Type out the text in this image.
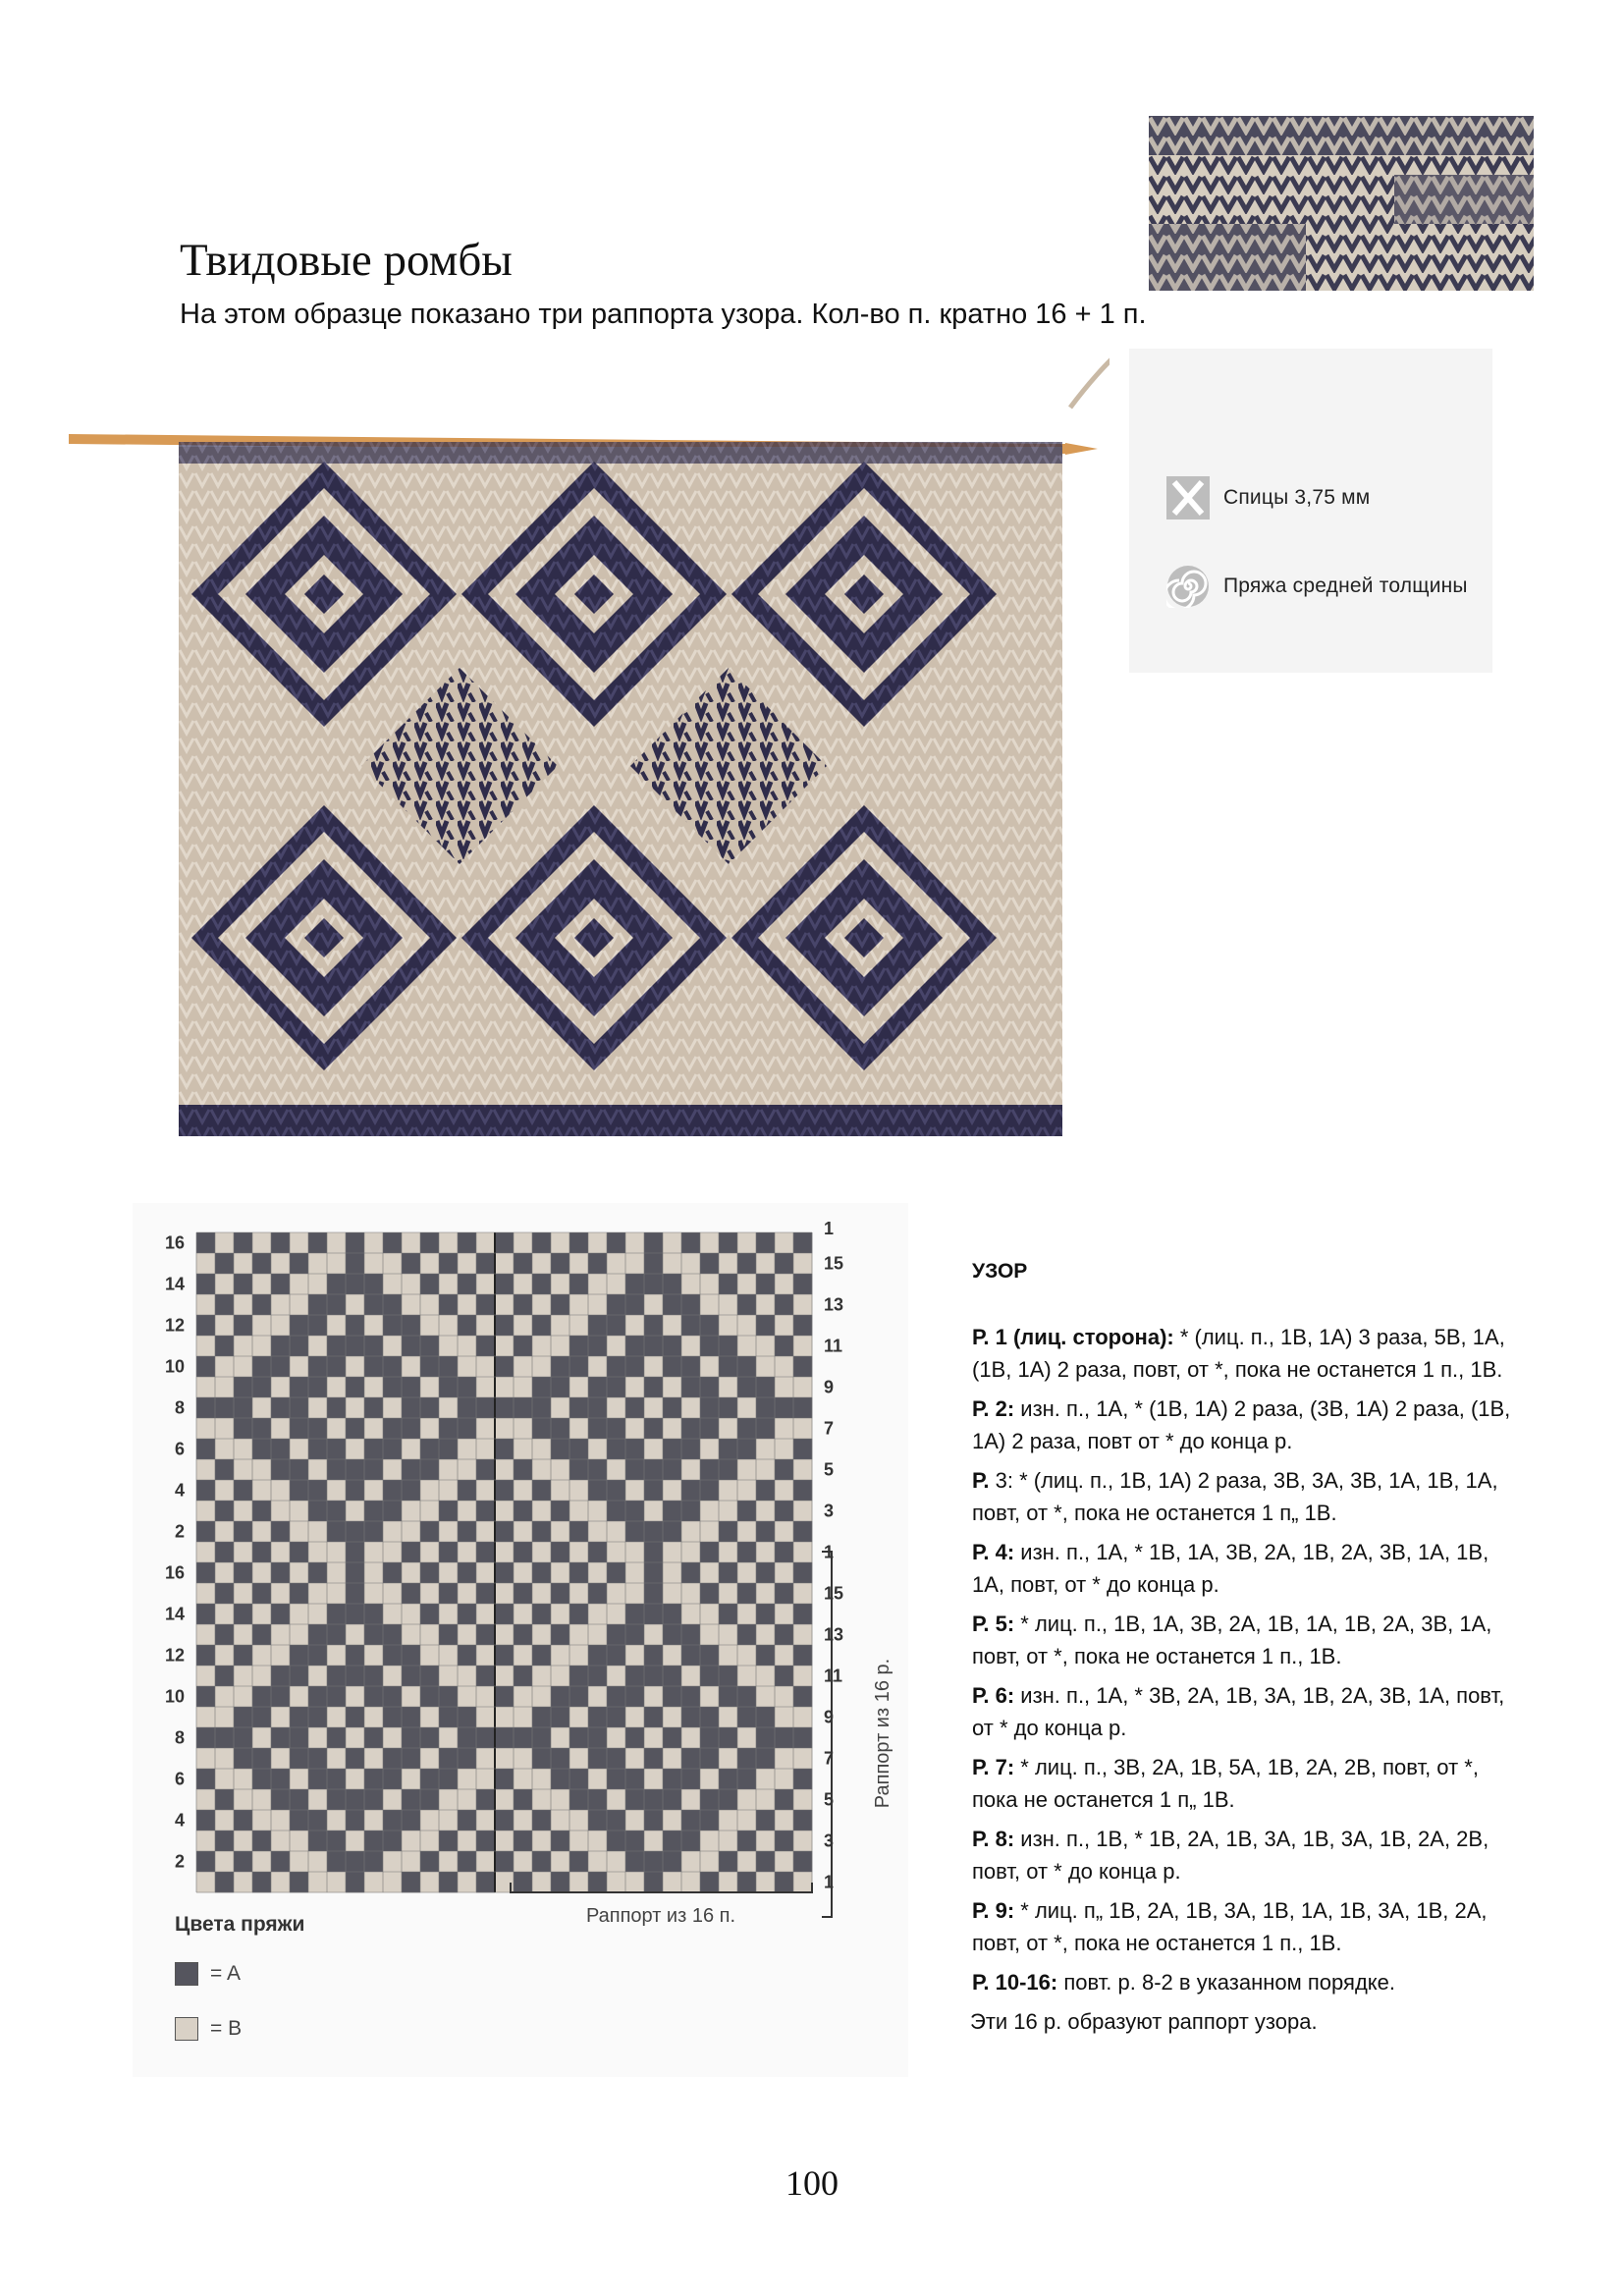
Твидовые ромбы
На этом образце показано три раппорта узора. Кол-во п. кратно 16 + 1 п.
Спицы 3,75 мм
Пряжа средней толщины
16
14
12
10
8
6
4
2
16
14
12
10
8
6
4
2
1
15
13
11
9
7
5
3
1
15
13
11
9
7
5
3
1
Раппорт из 16 р.
Раппорт из 16 п.
Цвета пряжи
= A
= B
УЗОР

Р. 1 (лиц. сторона): * (лиц. п., 1В, 1А) 3 раза, 5В, 1А, (1В, 1А) 2 раза, повт, от *, пока не останется 1 п., 1В.

Р. 2: изн. п., 1А, * (1В, 1А) 2 раза, (3В, 1А) 2 раза, (1В, 1А) 2 раза, повт от * до конца р.

Р. 3: * (лиц. п., 1В, 1А) 2 раза, 3В, 3А, 3В, 1А, 1В, 1А, повт, от *, пока не останется 1 п„ 1В.

Р. 4: изн. п., 1А, * 1В, 1А, 3В, 2А, 1В, 2А, 3В, 1А, 1В, 1А, повт, от * до конца р.

Р. 5: * лиц. п., 1В, 1А, 3В, 2А, 1В, 1А, 1В, 2А, 3В, 1А, повт, от *, пока не останется 1 п., 1В.

Р. 6: изн. п., 1А, * 3В, 2А, 1В, 3А, 1В, 2А, 3В, 1А, повт, от * до конца р.

Р. 7: * лиц. п., 3В, 2А, 1В, 5А, 1В, 2А, 2В, повт, от *, пока не останется 1 п„ 1В.

Р. 8: изн. п., 1В, * 1В, 2А, 1В, 3А, 1В, 3А, 1В, 2А, 2В, повт, от * до конца р.

Р. 9: * лиц. п„ 1В, 2А, 1В, 3А, 1В, 1А, 1В, 3А, 1В, 2А, повт, от *, пока не останется 1 п., 1В.

Р. 10-16: повт. р. 8-2 в указанном порядке.

Эти 16 р. образуют раппорт узора.
100
